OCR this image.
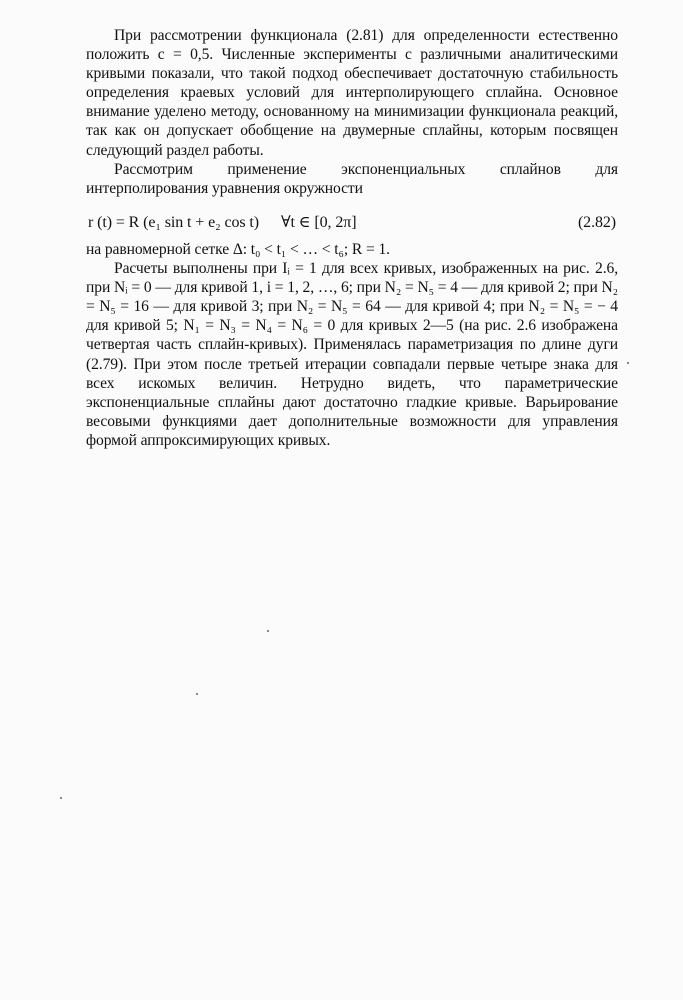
При рассмотрении функционала (2.81) для определенности естественно положить c = 0,5. Численные эксперименты с различными аналитическими кривыми показали, что такой подход обеспечивает достаточную стабильность определения краевых условий для интерполирующего сплайна. Основное внимание уделено методу, основанному на минимизации функционала реакций, так как он допускает обобщение на двумерные сплайны, которым посвящен следующий раздел работы.

Рассмотрим применение экспоненциальных сплайнов для интерполирования уравнения окружности

r (t) = R (e₁ sin t + e₂ cos t) ∀t ∈ [0, 2π]	(2.82)

на равномерной сетке Δ: t₀ < t₁ < … < t₆; R = 1.

Расчеты выполнены при Iᵢ = 1 для всех кривых, изображенных на рис. 2.6, при Nᵢ = 0 — для кривой 1, i = 1, 2, …, 6; при N₂ = N₅ = 4 — для кривой 2; при N₂ = N₅ = 16 — для кривой 3; при N₂ = N₅ = 64 — для кривой 4; при N₂ = N₅ = − 4 для кривой 5; N₁ = N₃ = N₄ = N₆ = 0 для кривых 2—5 (на рис. 2.6 изображена четвертая часть сплайн-кривых). Применялась параметризация по длине дуги (2.79). При этом после третьей итерации совпадали первые четыре знака для всех искомых величин. Нетрудно видеть, что параметрические экспоненциальные сплайны дают достаточно гладкие кривые. Варьирование весовыми функциями дает дополнительные возможности для управления формой аппроксимирующих кривых.
